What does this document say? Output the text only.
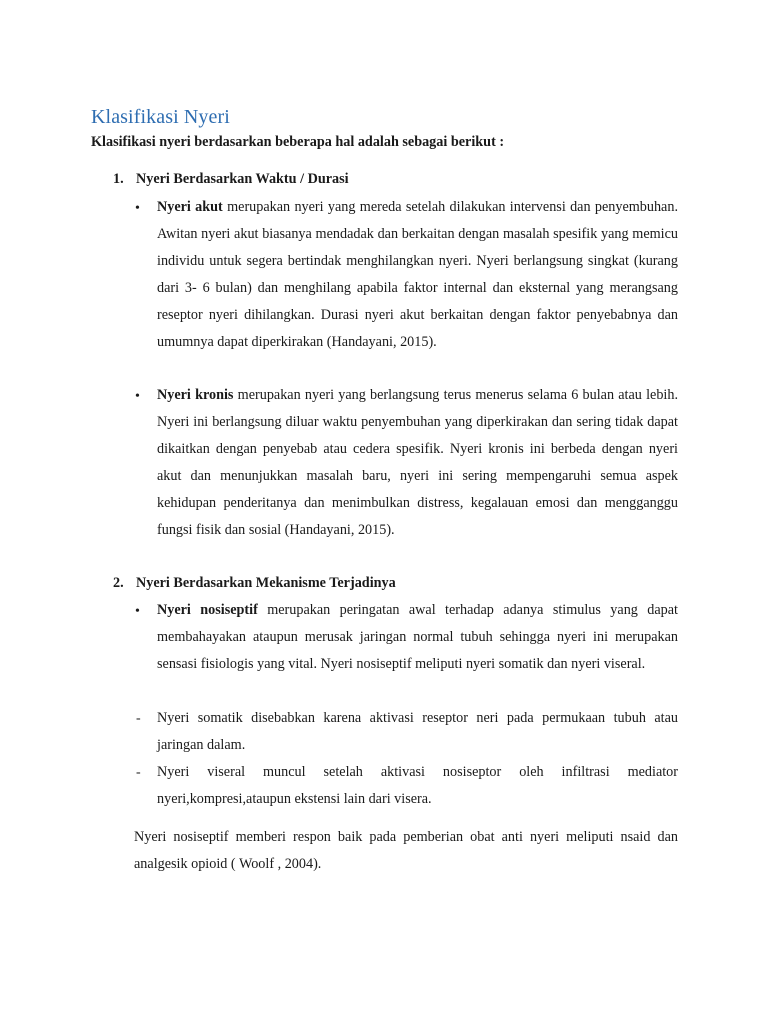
Klasifikasi Nyeri

Klasifikasi nyeri berdasarkan beberapa hal adalah sebagai berikut :

1. Nyeri Berdasarkan Waktu / Durasi
• Nyeri akut merupakan nyeri yang mereda setelah dilakukan intervensi dan penyembuhan. Awitan nyeri akut biasanya mendadak dan berkaitan dengan masalah spesifik yang memicu individu untuk segera bertindak menghilangkan nyeri. Nyeri berlangsung singkat (kurang dari 3- 6 bulan) dan menghilang apabila faktor internal dan eksternal yang merangsang reseptor nyeri dihilangkan. Durasi nyeri akut berkaitan dengan faktor penyebabnya dan umumnya dapat diperkirakan (Handayani, 2015).

• Nyeri kronis merupakan nyeri yang berlangsung terus menerus selama 6 bulan atau lebih. Nyeri ini berlangsung diluar waktu penyembuhan yang diperkirakan dan sering tidak dapat dikaitkan dengan penyebab atau cedera spesifik. Nyeri kronis ini berbeda dengan nyeri akut dan menunjukkan masalah baru, nyeri ini sering mempengaruhi semua aspek kehidupan penderitanya dan menimbulkan distress, kegalauan emosi dan mengganggu fungsi fisik dan sosial (Handayani, 2015).

2. Nyeri Berdasarkan Mekanisme Terjadinya
• Nyeri nosiseptif merupakan peringatan awal terhadap adanya stimulus yang dapat membahayakan ataupun merusak jaringan normal tubuh sehingga nyeri ini merupakan sensasi fisiologis yang vital. Nyeri nosiseptif meliputi nyeri somatik dan nyeri viseral.

- Nyeri somatik disebabkan karena aktivasi reseptor neri pada permukaan tubuh atau jaringan dalam.

- Nyeri viseral muncul setelah aktivasi nosiseptor oleh infiltrasi mediator nyeri,kompresi,ataupun ekstensi lain dari visera.

Nyeri nosiseptif memberi respon baik pada pemberian obat anti nyeri meliputi nsaid dan analgesik opioid ( Woolf , 2004).
